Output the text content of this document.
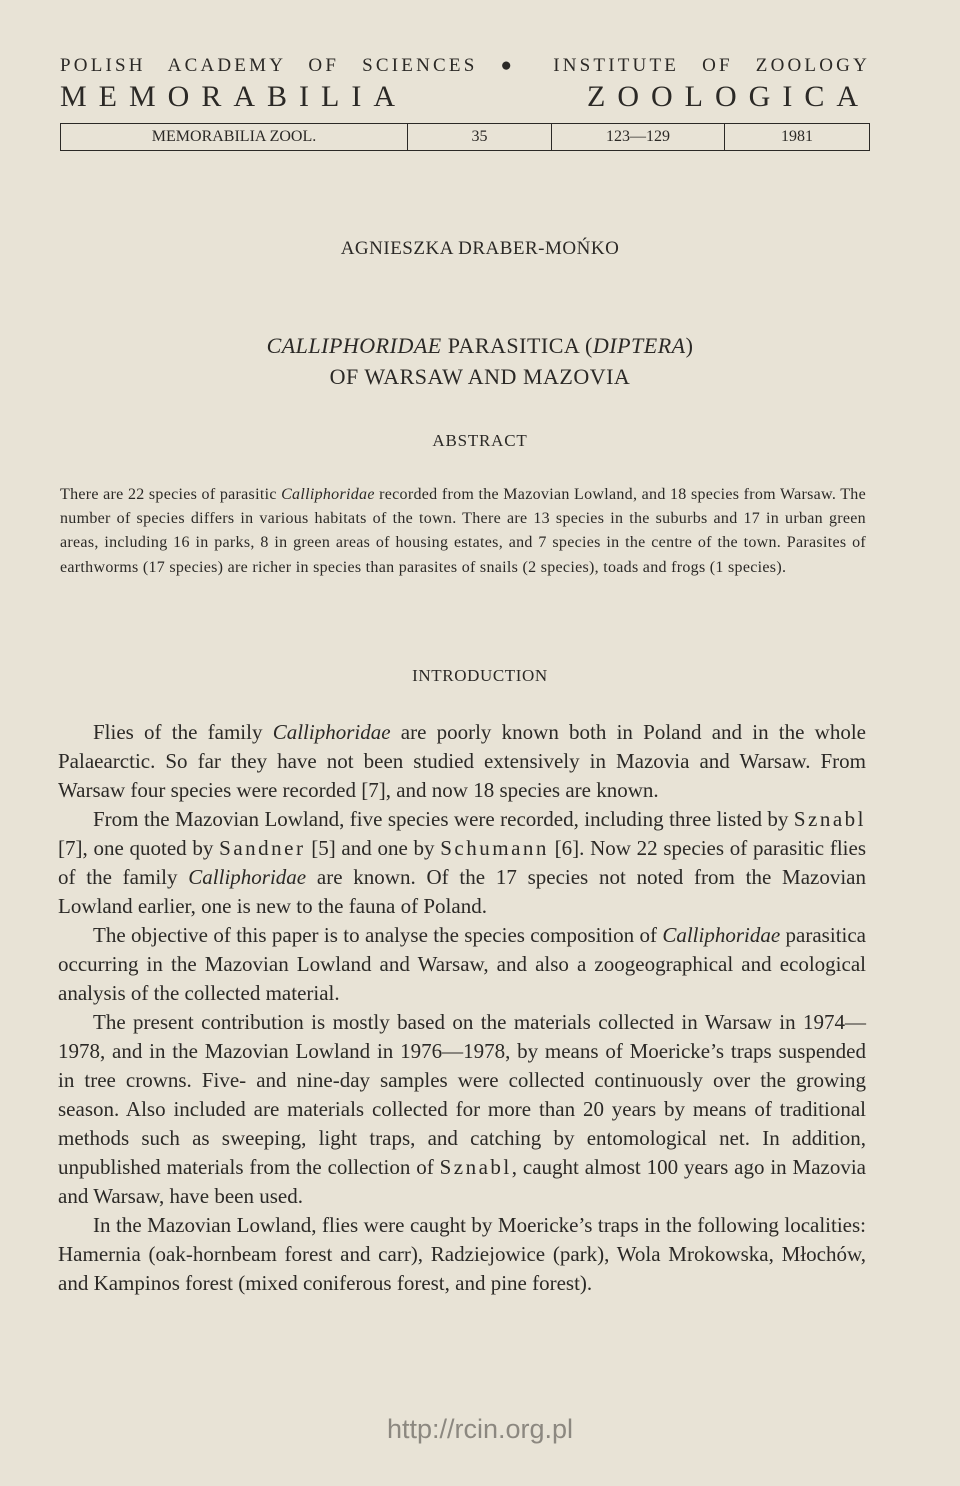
POLISH ACADEMY OF SCIENCES ● INSTITUTE OF ZOOLOGY
MEMORABILIA ZOOLOGICA
MEMORABILIA ZOOL.	35	123—129	1981
AGNIESZKA DRABER-MOŃKO
CALLIPHORIDAE PARASITICA (DIPTERA)
OF WARSAW AND MAZOVIA
ABSTRACT
There are 22 species of parasitic Calliphoridae recorded from the Mazovian Lowland, and 18 species from Warsaw. The number of species differs in various habitats of the town. There are 13 species in the suburbs and 17 in urban green areas, including 16 in parks, 8 in green areas of housing estates, and 7 species in the centre of the town. Parasites of earthworms (17 species) are richer in species than parasites of snails (2 species), toads and frogs (1 species).
INTRODUCTION

Flies of the family Calliphoridae are poorly known both in Poland and in the whole Palaearctic. So far they have not been studied extensively in Mazovia and Warsaw. From Warsaw four species were recorded [7], and now 18 species are known.

From the Mazovian Lowland, five species were recorded, including three listed by Sznabl [7], one quoted by Sandner [5] and one by Schumann [6]. Now 22 species of parasitic flies of the family Calliphoridae are known. Of the 17 species not noted from the Mazovian Lowland earlier, one is new to the fauna of Poland.

The objective of this paper is to analyse the species composition of Calliphoridae parasitica occurring in the Mazovian Lowland and Warsaw, and also a zoogeographical and ecological analysis of the collected material.

The present contribution is mostly based on the materials collected in Warsaw in 1974—1978, and in the Mazovian Lowland in 1976—1978, by means of Moericke’s traps suspended in tree crowns. Five- and nine-day samples were collected continuously over the growing season. Also included are materials collected for more than 20 years by means of traditional methods such as sweeping, light traps, and catching by entomological net. In addition, unpublished materials from the collection of Sznabl, caught almost 100 years ago in Mazovia and Warsaw, have been used.

In the Mazovian Lowland, flies were caught by Moericke’s traps in the following localities: Hamernia (oak-hornbeam forest and carr), Radziejowice (park), Wola Mrokowska, Młochów, and Kampinos forest (mixed coniferous forest, and pine forest).

http://rcin.org.pl
